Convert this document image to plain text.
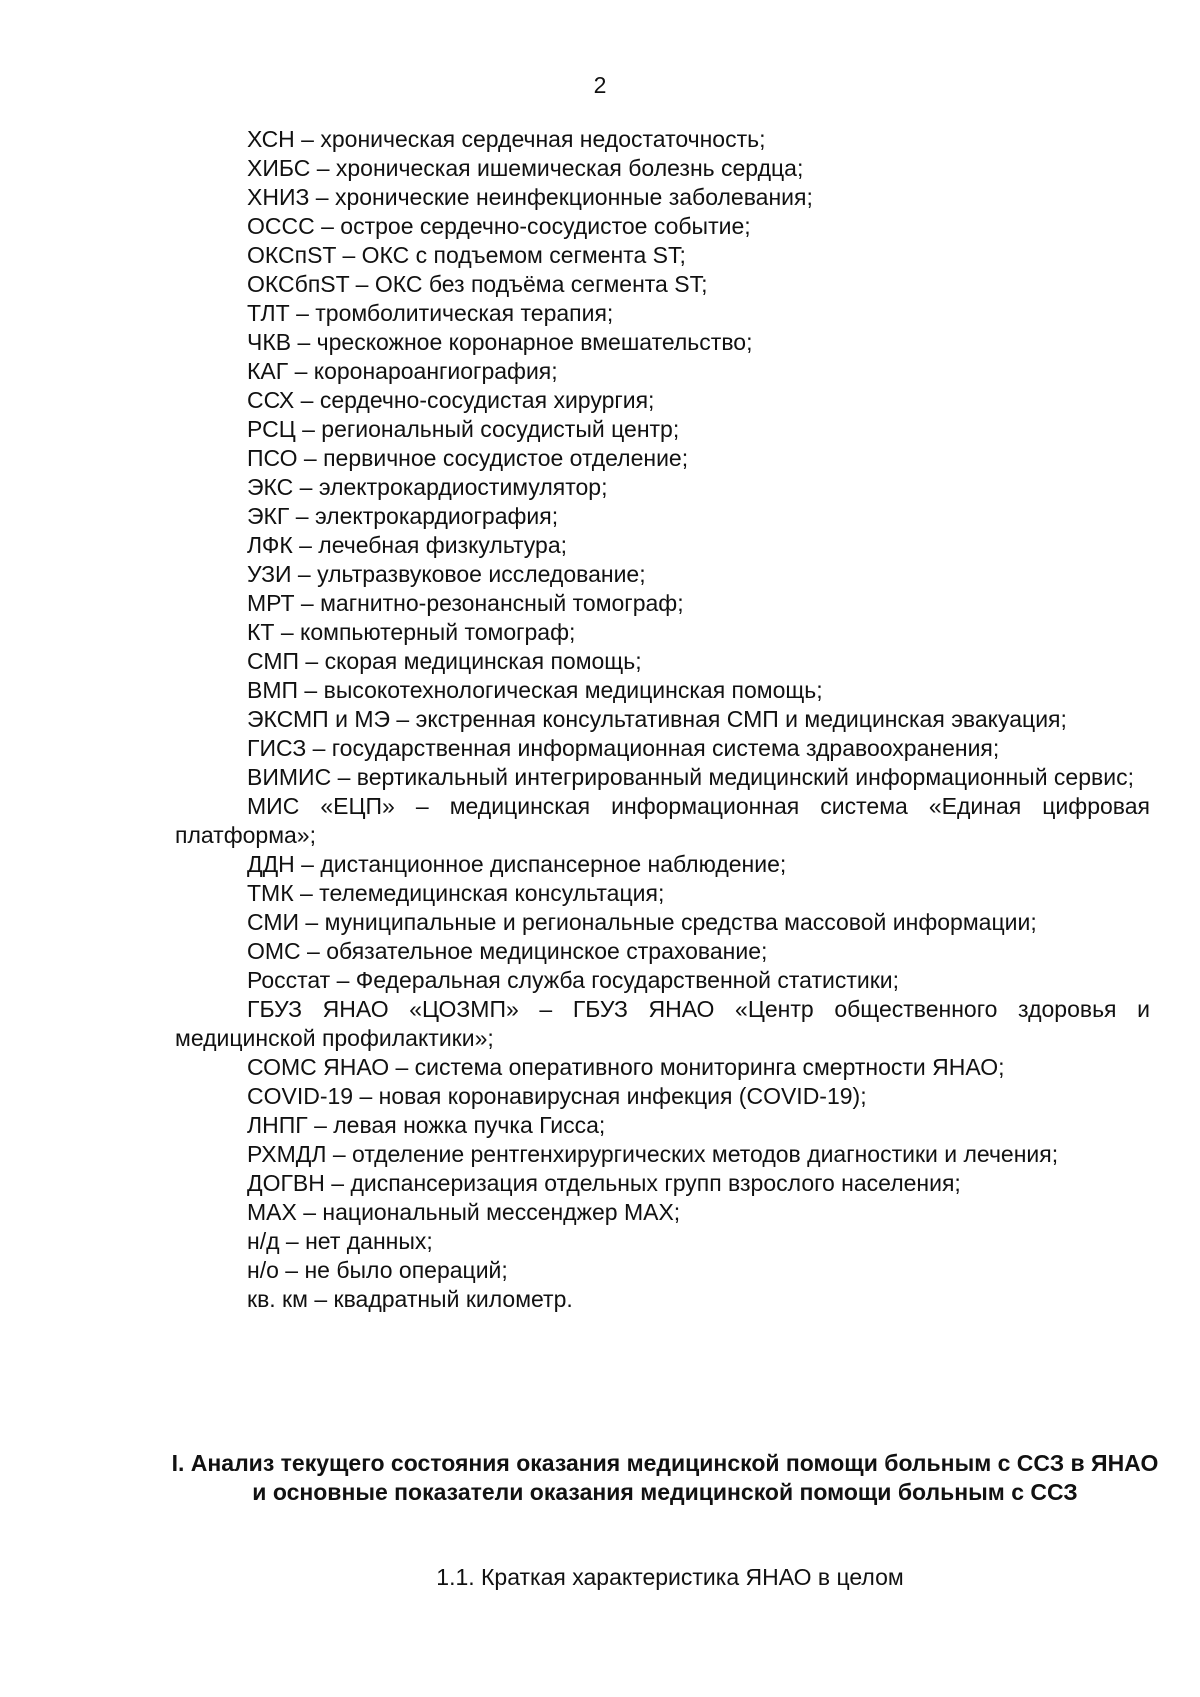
2

ХСН – хроническая сердечная недостаточность;

ХИБС – хроническая ишемическая болезнь сердца;

ХНИЗ – хронические неинфекционные заболевания;

ОССС – острое сердечно-сосудистое событие;

ОКСпST – ОКС с подъемом сегмента ST;

ОКСбпST – ОКС без подъёма сегмента ST;

ТЛТ – тромболитическая терапия;

ЧКВ – чрескожное коронарное вмешательство;

КАГ – коронароангиография;

ССХ – сердечно-сосудистая хирургия;

РСЦ – региональный сосудистый центр;

ПСО – первичное сосудистое отделение;

ЭКС – электрокардиостимулятор;

ЭКГ – электрокардиография;

ЛФК – лечебная физкультура;

УЗИ – ультразвуковое исследование;

МРТ – магнитно-резонансный томограф;

КТ – компьютерный томограф;

СМП – скорая медицинская помощь;

ВМП – высокотехнологическая медицинская помощь;

ЭКСМП и МЭ – экстренная консультативная СМП и медицинская эвакуация;

ГИСЗ – государственная информационная система здравоохранения;

ВИМИС – вертикальный интегрированный медицинский информационный сервис;

МИС «ЕЦП» – медицинская информационная система «Единая цифровая платформа»;

ДДН – дистанционное диспансерное наблюдение;

ТМК – телемедицинская консультация;

СМИ – муниципальные и региональные средства массовой информации;

ОМС – обязательное медицинское страхование;

Росстат – Федеральная служба государственной статистики;

ГБУЗ ЯНАО «ЦОЗМП» – ГБУЗ ЯНАО «Центр общественного здоровья и медицинской профилактики»;

СОМС ЯНАО – система оперативного мониторинга смертности ЯНАО;

COVID-19 – новая коронавирусная инфекция (COVID-19);

ЛНПГ – левая ножка пучка Гисса;

РХМДЛ – отделение рентгенхирургических методов диагностики и лечения;

ДОГВН – диспансеризация отдельных групп взрослого населения;

MAX – национальный мессенджер MAX;

н/д – нет данных;

н/о – не было операций;

кв. км – квадратный километр.

I. Анализ текущего состояния оказания медицинской помощи больным с ССЗ в ЯНАО и основные показатели оказания медицинской помощи больным с ССЗ
1.1. Краткая характеристика ЯНАО в целом
